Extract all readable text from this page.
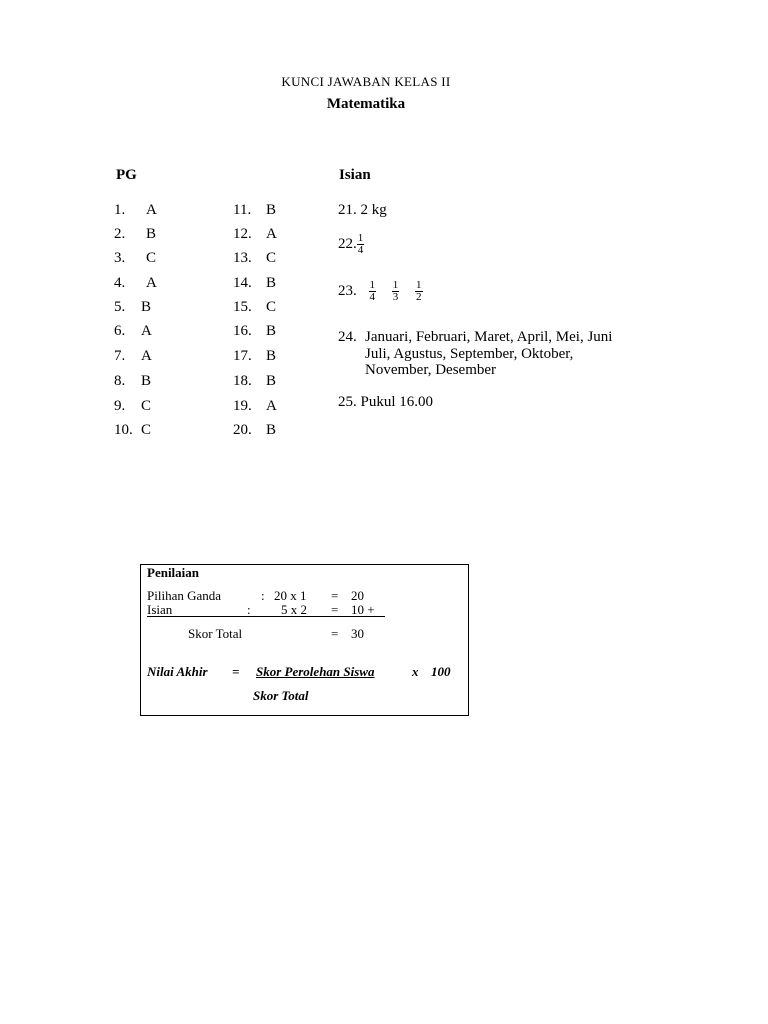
KUNCI JAWABAN KELAS II
Matematika
PG	Isian
1. A
2. B
3. C
4. A
5. B
6. A
7. A
8. B
9. C
10. C
11. B
12. A
13. C
14. B
15. C
16. B
17. B
18. B
19. A
20. B
21. 2 kg
22. $\frac{1}{4}$
23. $\frac{1}{4}$
$\frac{1}{3}$
$\frac{1}{2}$
24. Januari, Februari, Maret, April, Mei, Juni
Juli, Agustus, September, Oktober,
November, Desember
25. Pukul 16.00
Penilaian
Pilihan Ganda	: 20 x 1 = 20
Isian	: 5 x 2 = 10 +
Skor Total	= 30
Nilai Akhir = Skor Perolehan Siswa	x 100
Skor Total
